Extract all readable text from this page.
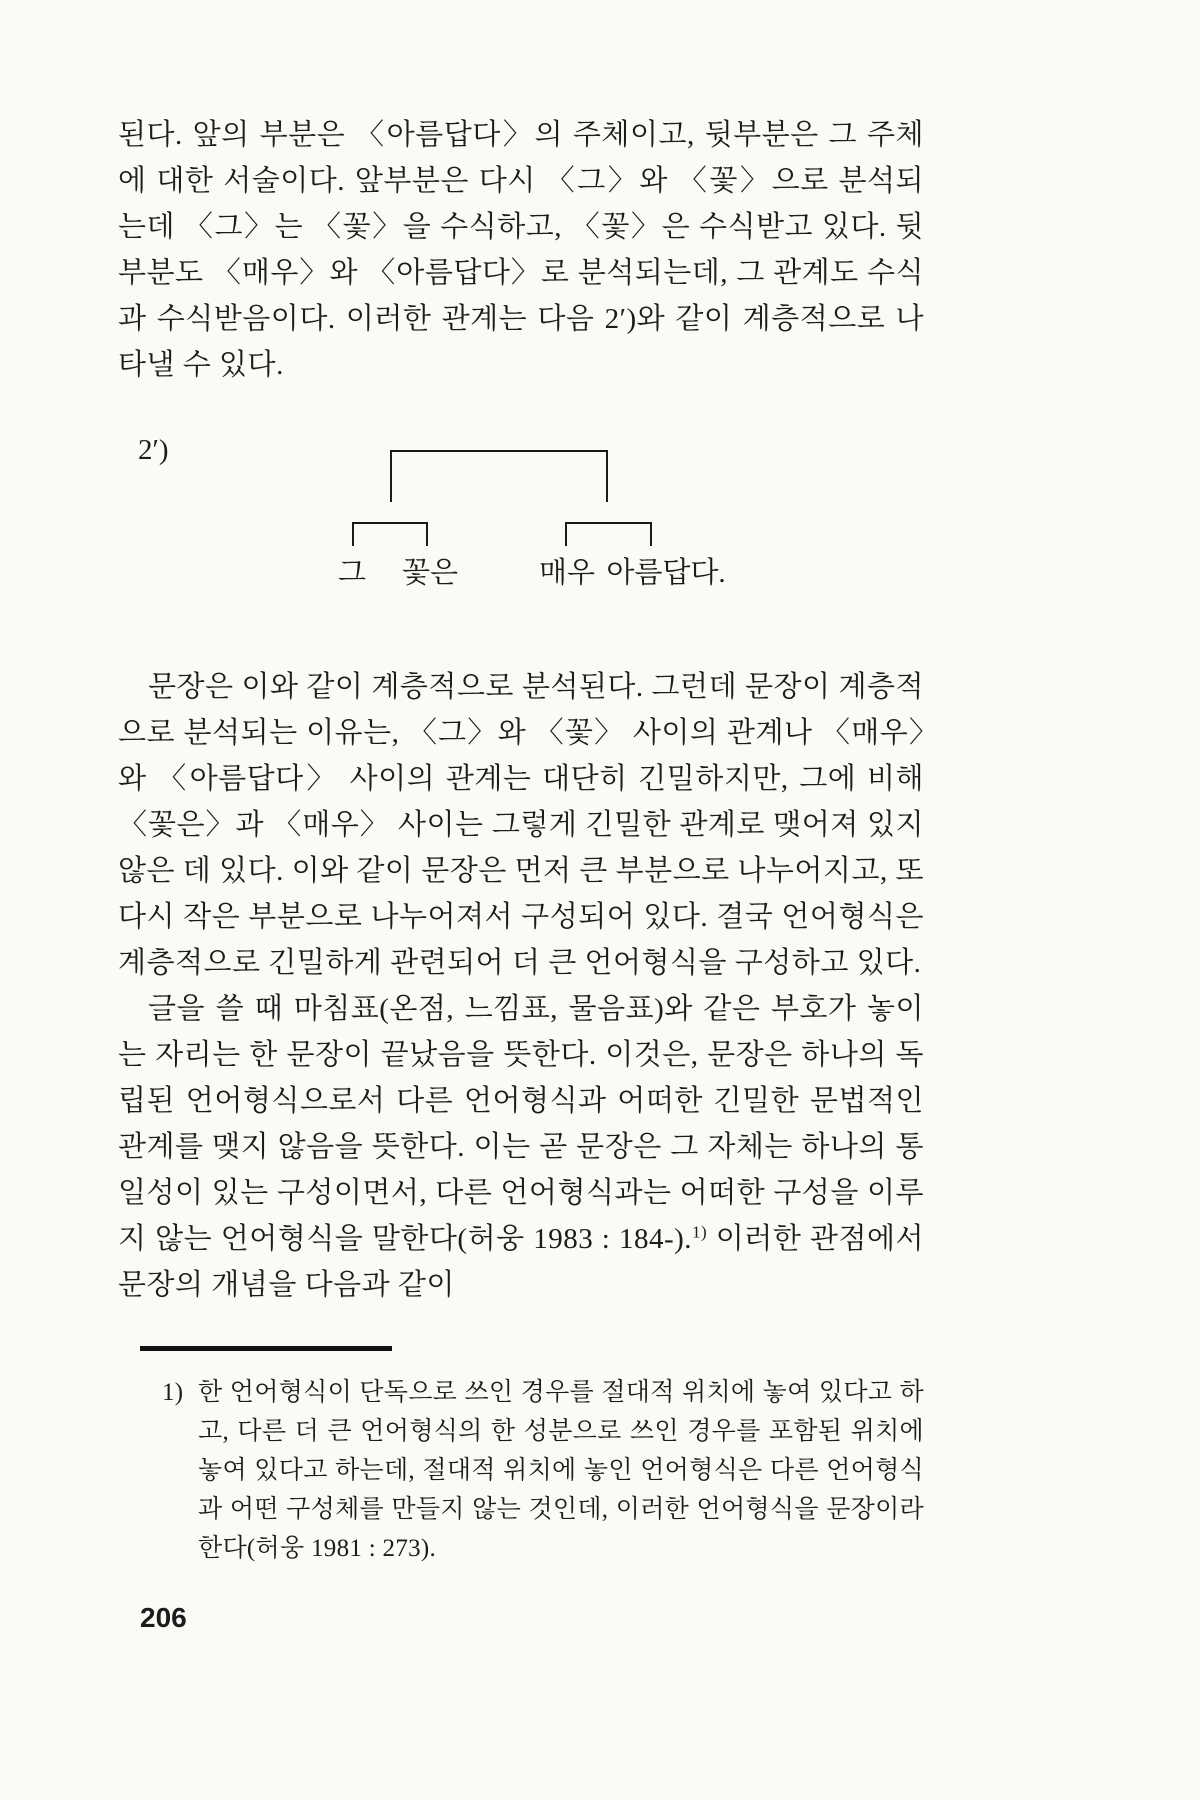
된다. 앞의 부분은 〈아름답다〉의 주체이고, 뒷부분은 그 주체에 대한 서술이다. 앞부분은 다시 〈그〉와 〈꽃〉으로 분석되는데 〈그〉는 〈꽃〉을 수식하고, 〈꽃〉은 수식받고 있다. 뒷부분도 〈매우〉와 〈아름답다〉로 분석되는데, 그 관계도 수식과 수식받음이다. 이러한 관계는 다음 2′)와 같이 계층적으로 나타낼 수 있다.

2′)
그 꽃은	매우 아름답다.

문장은 이와 같이 계층적으로 분석된다. 그런데 문장이 계층적으로 분석되는 이유는, 〈그〉와 〈꽃〉 사이의 관계나 〈매우〉와 〈아름답다〉 사이의 관계는 대단히 긴밀하지만, 그에 비해 〈꽃은〉과 〈매우〉 사이는 그렇게 긴밀한 관계로 맺어져 있지 않은 데 있다. 이와 같이 문장은 먼저 큰 부분으로 나누어지고, 또 다시 작은 부분으로 나누어져서 구성되어 있다. 결국 언어형식은 계층적으로 긴밀하게 관련되어 더 큰 언어형식을 구성하고 있다.

글을 쓸 때 마침표(온점, 느낌표, 물음표)와 같은 부호가 놓이는 자리는 한 문장이 끝났음을 뜻한다. 이것은, 문장은 하나의 독립된 언어형식으로서 다른 언어형식과 어떠한 긴밀한 문법적인 관계를 맺지 않음을 뜻한다. 이는 곧 문장은 그 자체는 하나의 통일성이 있는 구성이면서, 다른 언어형식과는 어떠한 구성을 이루지 않는 언어형식을 말한다(허웅 1983 : 184-).$^{1)}$ 이러한 관점에서 문장의 개념을 다음과 같이

1) 한 언어형식이 단독으로 쓰인 경우를 절대적 위치에 놓여 있다고 하고, 다른 더 큰 언어형식의 한 성분으로 쓰인 경우를 포함된 위치에 놓여 있다고 하는데, 절대적 위치에 놓인 언어형식은 다른 언어형식과 어떤 구성체를 만들지 않는 것인데, 이러한 언어형식을 문장이라 한다(허웅 1981 : 273).
206
